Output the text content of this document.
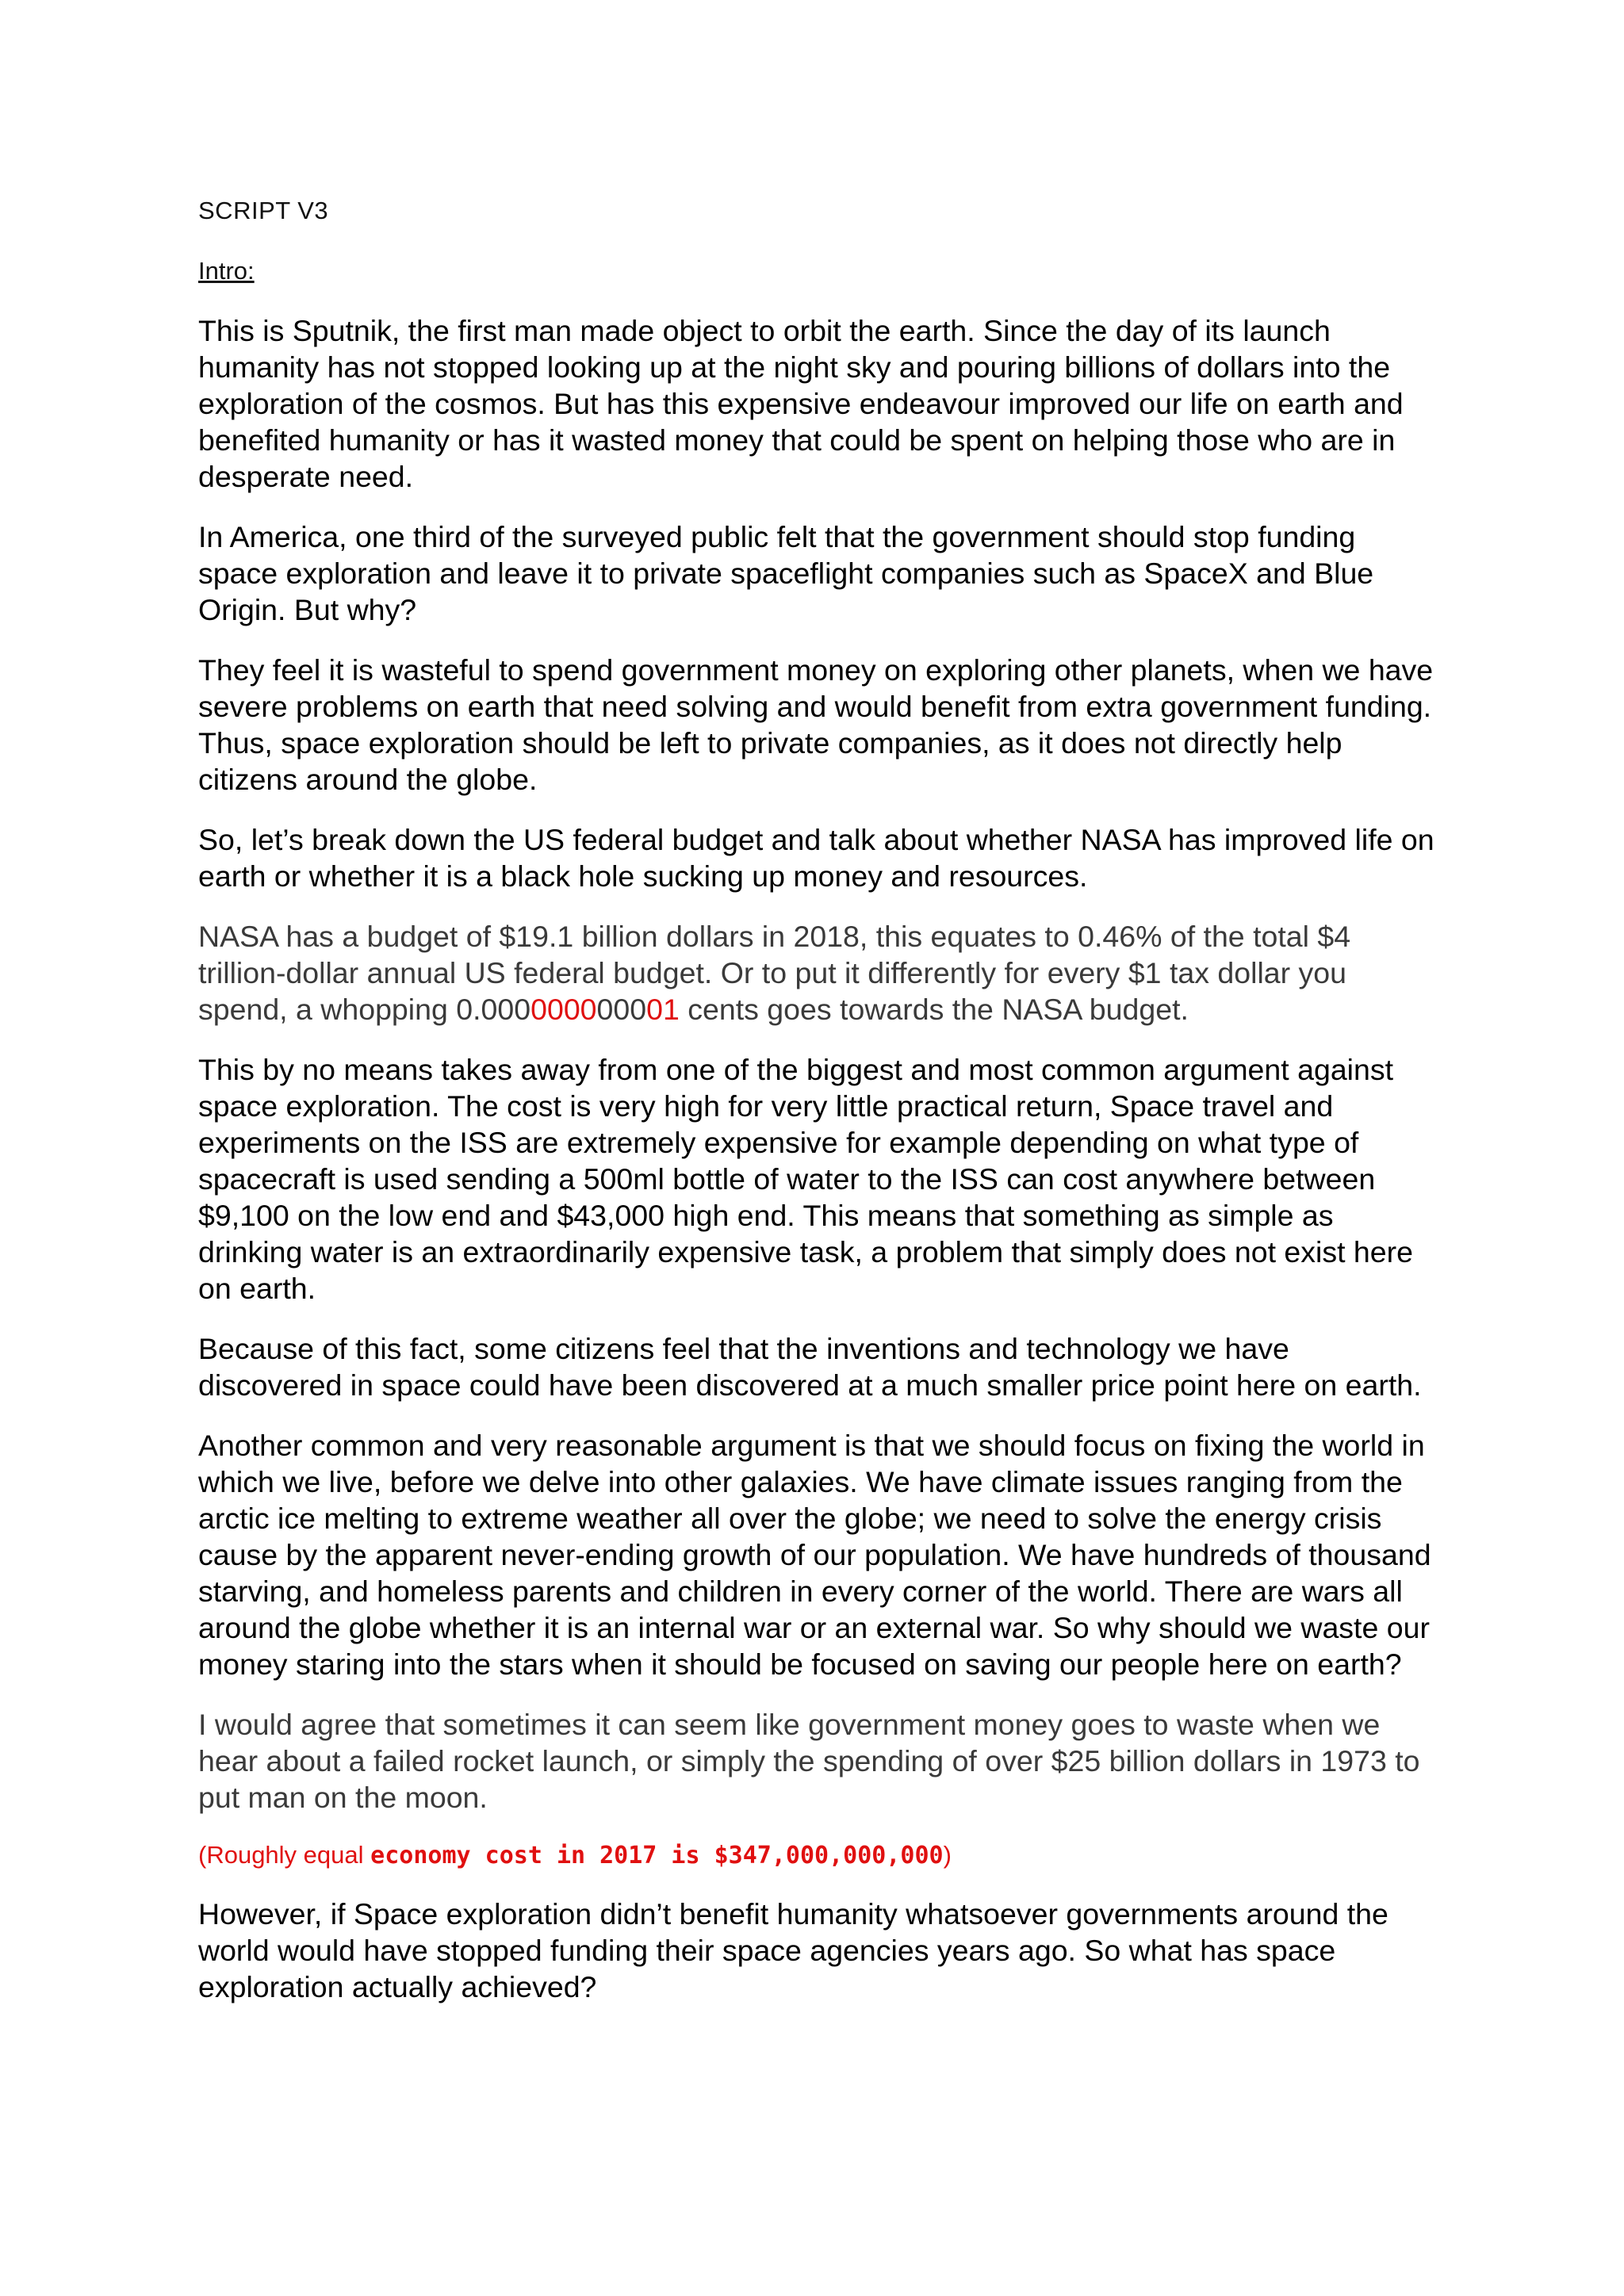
SCRIPT V3
Intro:

This is Sputnik, the first man made object to orbit the earth. Since the day of its launch humanity has not stopped looking up at the night sky and pouring billions of dollars into the exploration of the cosmos. But has this expensive endeavour improved our life on earth and benefited humanity or has it wasted money that could be spent on helping those who are in desperate need.

In America, one third of the surveyed public felt that the government should stop funding space exploration and leave it to private spaceflight companies such as SpaceX and Blue Origin. But why?

They feel it is wasteful to spend government money on exploring other planets, when we have severe problems on earth that need solving and would benefit from extra government funding. Thus, space exploration should be left to private companies, as it does not directly help citizens around the globe.

So, let’s break down the US federal budget and talk about whether NASA has improved life on earth or whether it is a black hole sucking up money and resources.

NASA has a budget of $19.1 billion dollars in 2018, this equates to 0.46% of the total $4 trillion-dollar annual US federal budget. Or to put it differently for every $1 tax dollar you spend, a whopping 0.000000000001 cents goes towards the NASA budget.

This by no means takes away from one of the biggest and most common argument against space exploration. The cost is very high for very little practical return, Space travel and experiments on the ISS are extremely expensive for example depending on what type of spacecraft is used sending a 500ml bottle of water to the ISS can cost anywhere between $9,100 on the low end and $43,000 high end. This means that something as simple as drinking water is an extraordinarily expensive task, a problem that simply does not exist here on earth.

Because of this fact, some citizens feel that the inventions and technology we have discovered in space could have been discovered at a much smaller price point here on earth.

Another common and very reasonable argument is that we should focus on fixing the world in which we live, before we delve into other galaxies. We have climate issues ranging from the arctic ice melting to extreme weather all over the globe; we need to solve the energy crisis cause by the apparent never-ending growth of our population. We have hundreds of thousand starving, and homeless parents and children in every corner of the world. There are wars all around the globe whether it is an internal war or an external war. So why should we waste our money staring into the stars when it should be focused on saving our people here on earth?

I would agree that sometimes it can seem like government money goes to waste when we hear about a failed rocket launch, or simply the spending of over $25 billion dollars in 1973 to put man on the moon.

(Roughly equal economy cost in 2017 is $347,000,000,000)

However, if Space exploration didn’t benefit humanity whatsoever governments around the world would have stopped funding their space agencies years ago. So what has space exploration actually achieved?
